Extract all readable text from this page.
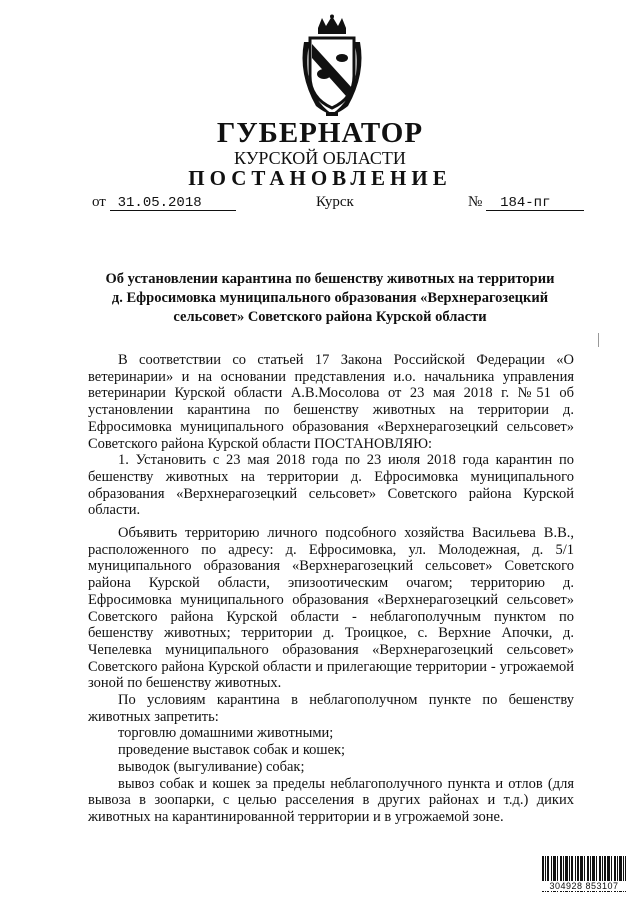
ГУБЕРНАТОР
КУРСКОЙ ОБЛАСТИ
ПОСТАНОВЛЕНИЕ
от 31.05.2018	Курск	№ 184-пг
Об установлении карантина по бешенству животных на территории
д. Ефросимовка муниципального образования «Верхнерагозецкий
сельсовет» Советского района Курской области

В соответствии со статьей 17 Закона Российской Федерации «О ветеринарии» и на основании представления и.о. начальника управления ветеринарии Курской области А.В.Мосолова от 23 мая 2018 г. №51 об установлении карантина по бешенству животных на территории д. Ефросимовка муниципального образования «Верхнерагозецкий сельсовет» Советского района Курской области ПОСТАНОВЛЯЮ:

1. Установить с 23 мая 2018 года по 23 июля 2018 года карантин по бешенству животных на территории д. Ефросимовка муниципального образования «Верхнерагозецкий сельсовет» Советского района Курской области.

Объявить территорию личного подсобного хозяйства Васильева В.В., расположенного по адресу: д. Ефросимовка, ул. Молодежная, д. 5/1 муниципального образования «Верхнерагозецкий сельсовет» Советского района Курской области, эпизоотическим очагом; территорию д. Ефросимовка муниципального образования «Верхнерагозецкий сельсовет» Советского района Курской области - неблагополучным пунктом по бешенству животных; территории д. Троицкое, с. Верхние Апочки, д. Чепелевка муниципального образования «Верхнерагозецкий сельсовет» Советского района Курской области и прилегающие территории - угрожаемой зоной по бешенству животных.

По условиям карантина в неблагополучном пункте по бешенству животных запретить:

торговлю домашними животными;

проведение выставок собак и кошек;

выводок (выгуливание) собак;

вывоз собак и кошек за пределы неблагополучного пункта и отлов (для вывоза в зоопарки, с целью расселения в других районах и т.д.) диких животных на карантинированной территории и в угрожаемой зоне.

304928 853107
